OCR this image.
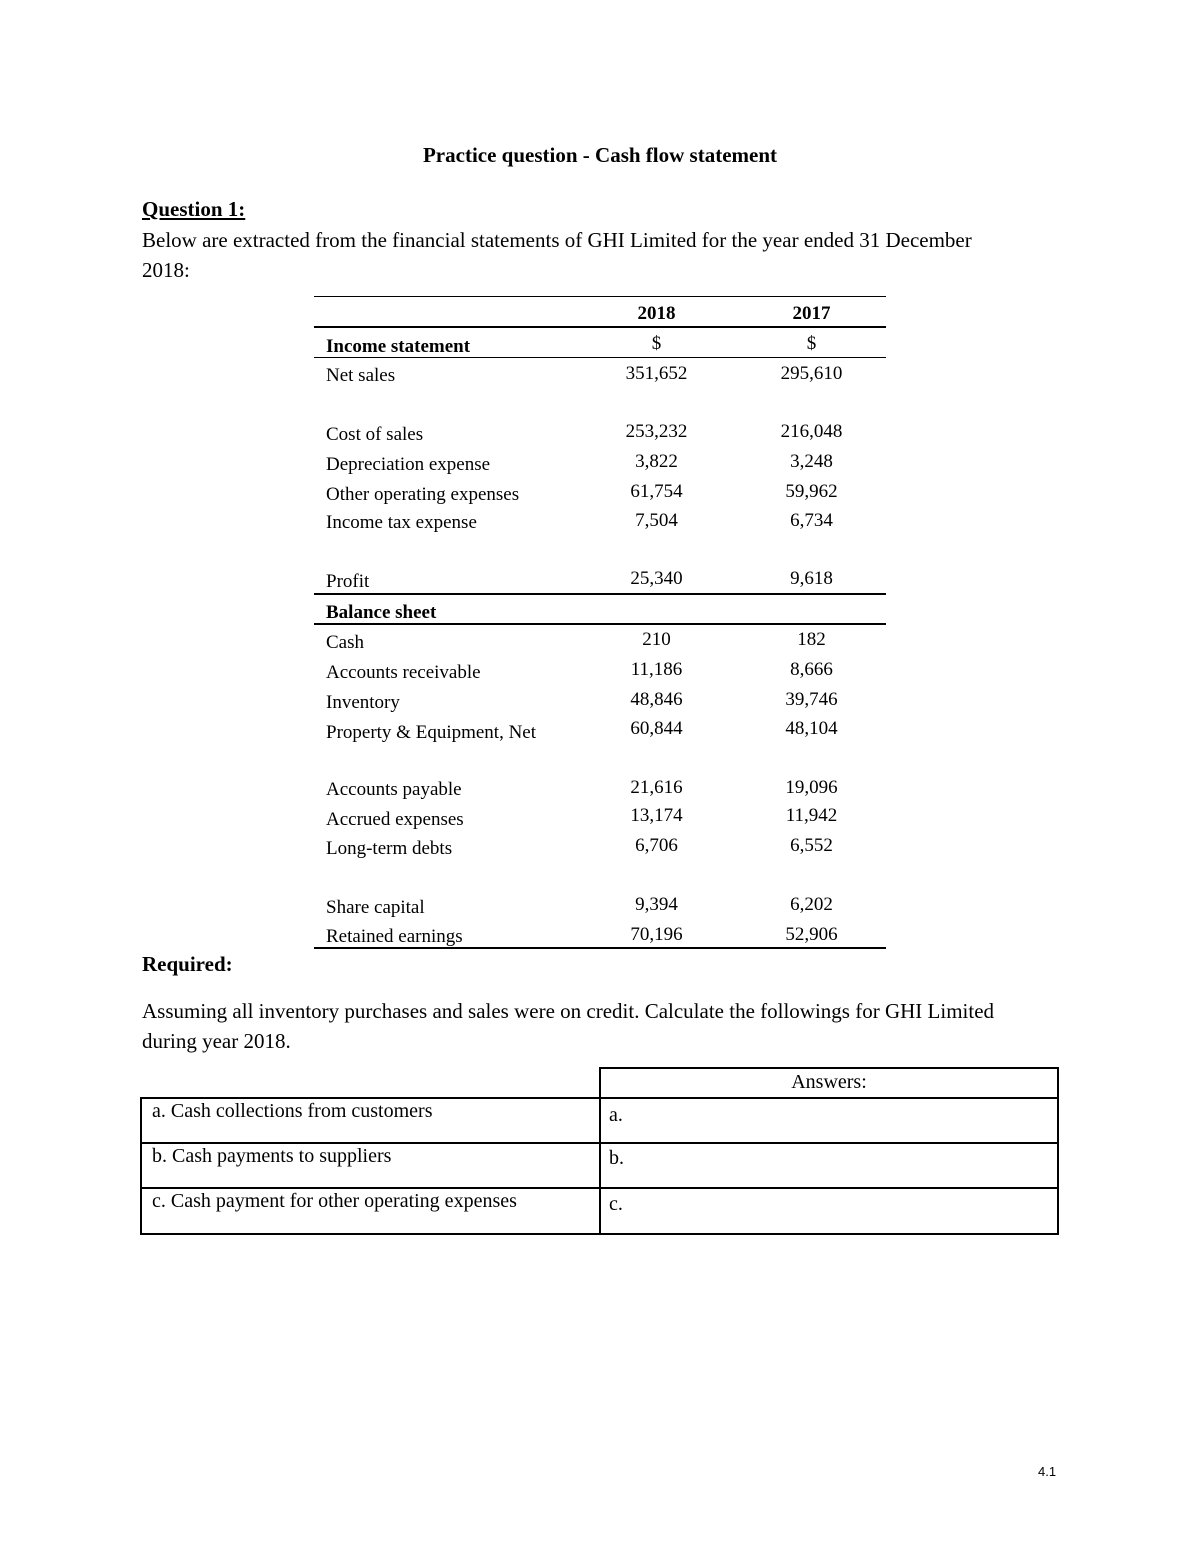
Practice question - Cash flow statement
Question 1:
Below are extracted from the financial statements of GHI Limited for the year ended 31 December 2018:
2018	2017
Income statement	$	$
Net sales	351,652	295,610
Cost of sales	253,232	216,048
Depreciation expense	3,822	3,248
Other operating expenses	61,754	59,962
Income tax expense	7,504	6,734
Profit	25,340	9,618
Balance sheet
Cash	210	182
Accounts receivable	11,186	8,666
Inventory	48,846	39,746
Property & Equipment, Net	60,844	48,104
Accounts payable	21,616	19,096
Accrued expenses	13,174	11,942
Long-term debts	6,706	6,552
Share capital	9,394	6,202
Retained earnings	70,196	52,906
Required:
Assuming all inventory purchases and sales were on credit. Calculate the followings for GHI Limited during year 2018.
Answers:
a. Cash collections from customers	a.
b. Cash payments to suppliers	b.
c. Cash payment for other operating expenses	c.
4.1
